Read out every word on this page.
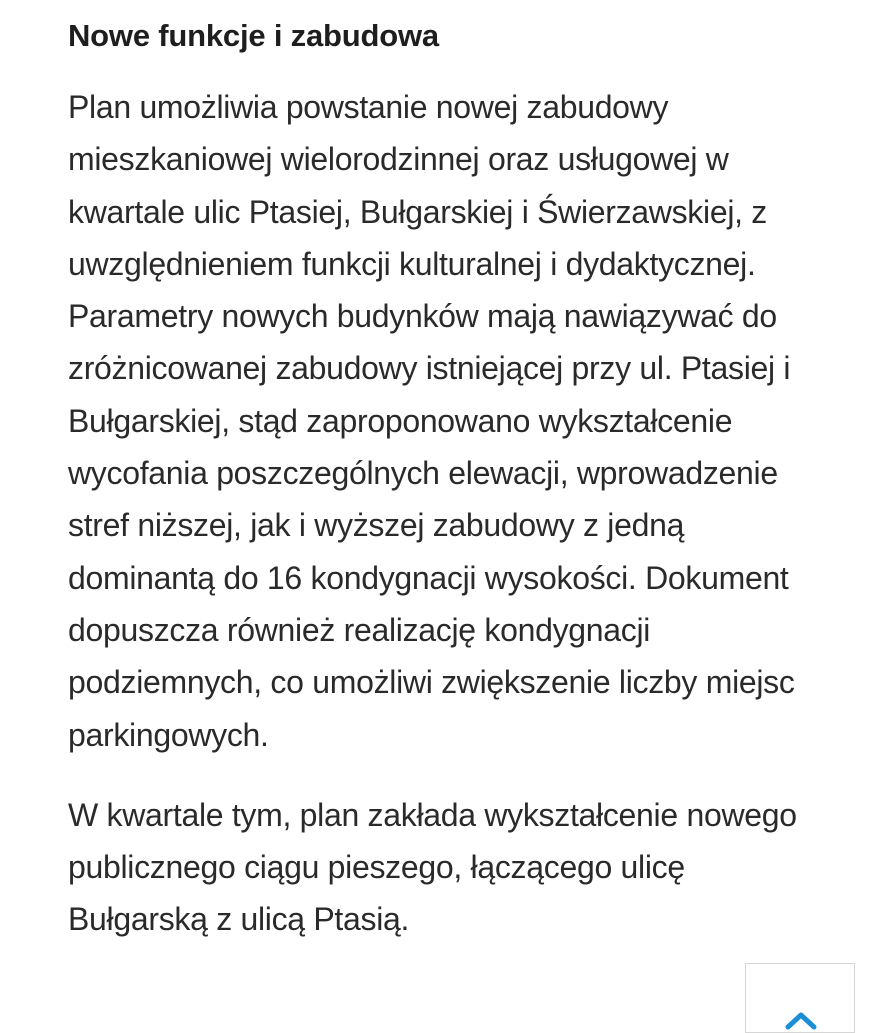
Nowe funkcje i zabudowa

Plan umożliwia powstanie nowej zabudowy mieszkaniowej wielorodzinnej oraz usługowej w kwartale ulic Ptasiej, Bułgarskiej i Świerzawskiej, z uwzględnieniem funkcji kulturalnej i dydaktycznej. Parametry nowych budynków mają nawiązywać do zróżnicowanej zabudowy istniejącej przy ul. Ptasiej i Bułgarskiej, stąd zaproponowano wykształcenie wycofania poszczególnych elewacji, wprowadzenie stref niższej, jak i wyższej zabudowy z jedną dominantą do 16 kondygnacji wysokości. Dokument dopuszcza również realizację kondygnacji podziemnych, co umożliwi zwiększenie liczby miejsc parkingowych.

W kwartale tym, plan zakłada wykształcenie nowego publicznego ciągu pieszego, łączącego ulicę Bułgarską z ulicą Ptasią.
